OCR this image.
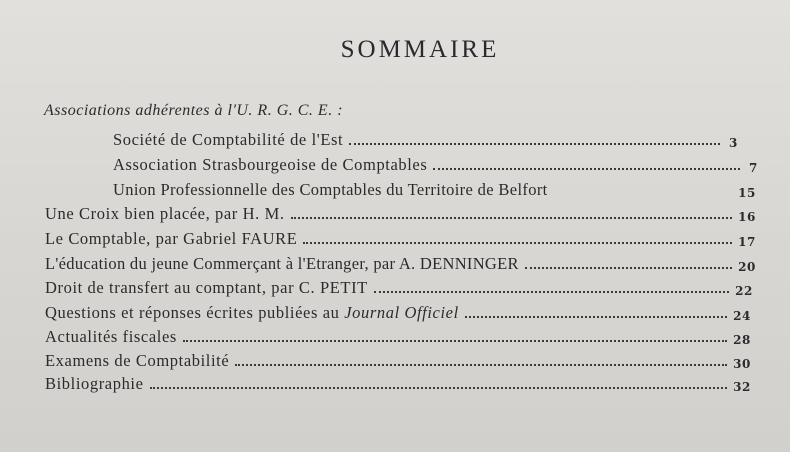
SOMMAIRE
Associations adhérentes à l'U. R. G. C. E. :
Société de Comptabilité de l'Est	3
Association Strasbourgeoise de Comptables	7
Union Professionnelle des Comptables du Territoire de Belfort	15
Une Croix bien placée, par H. M.	16
Le Comptable, par Gabriel FAURE	17
L'éducation du jeune Commerçant à l'Etranger, par A. DENNINGER	20
Droit de transfert au comptant, par C. PETIT	22
Questions et réponses écrites publiées au Journal Officiel	24
Actualités fiscales	28
Examens de Comptabilité	30
Bibliographie	32
